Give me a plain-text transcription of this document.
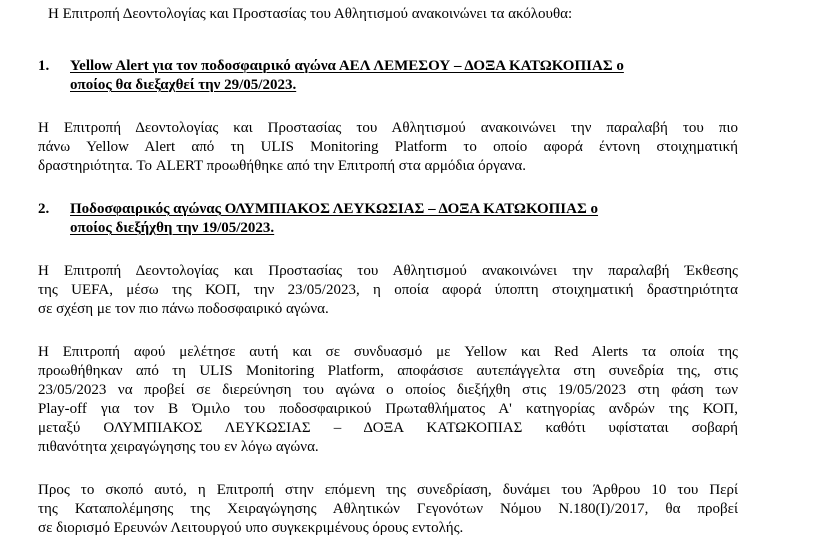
Η Επιτροπή Δεοντολογίας και Προστασίας του Αθλητισμού ανακοινώνει τα ακόλουθα:
1. Yellow Alert για τον ποδοσφαιρικό αγώνα ΑΕΛ ΛΕΜΕΣΟΥ – ΔΟΞΑ ΚΑΤΩΚΟΠΙΑΣ ο
οποίος θα διεξαχθεί την 29/05/2023.
Η Επιτροπή Δεοντολογίας και Προστασίας του Αθλητισμού ανακοινώνει την παραλαβή του πιο
πάνω Yellow Alert από τη ULIS Monitoring Platform το οποίο αφορά έντονη στοιχηματική
δραστηριότητα. Το ALERT προωθήθηκε από την Επιτροπή στα αρμόδια όργανα.
2. Ποδοσφαιρικός αγώνας ΟΛΥΜΠΙΑΚΟΣ ΛΕΥΚΩΣΙΑΣ – ΔΟΞΑ ΚΑΤΩΚΟΠΙΑΣ ο
οποίος διεξήχθη την 19/05/2023.
Η Επιτροπή Δεοντολογίας και Προστασίας του Αθλητισμού ανακοινώνει την παραλαβή Έκθεσης
της UEFA, μέσω της ΚΟΠ, την 23/05/2023, η οποία αφορά ύποπτη στοιχηματική δραστηριότητα
σε σχέση με τον πιο πάνω ποδοσφαιρικό αγώνα.
Η Επιτροπή αφού μελέτησε αυτή και σε συνδυασμό με Yellow και Red Alerts τα οποία της
προωθήθηκαν από τη ULIS Monitoring Platform, αποφάσισε αυτεπάγγελτα στη συνεδρία της, στις
23/05/2023 να προβεί σε διερεύνηση του αγώνα ο οποίος διεξήχθη στις 19/05/2023 στη φάση των
Play-off για τον Β Όμιλο του ποδοσφαιρικού Πρωταθλήματος Α' κατηγορίας ανδρών της ΚΟΠ,
μεταξύ ΟΛΥΜΠΙΑΚΟΣ ΛΕΥΚΩΣΙΑΣ – ΔΟΞΑ ΚΑΤΩΚΟΠΙΑΣ καθότι υφίσταται σοβαρή
πιθανότητα χειραγώγησης του εν λόγω αγώνα.
Προς το σκοπό αυτό, η Επιτροπή στην επόμενη της συνεδρίαση, δυνάμει του Άρθρου 10 του Περί
της Καταπολέμησης της Χειραγώγησης Αθλητικών Γεγονότων Νόμου Ν.180(Ι)/2017, θα προβεί
σε διορισμό Ερευνών Λειτουργού υπο συγκεκριμένους όρους εντολής.
